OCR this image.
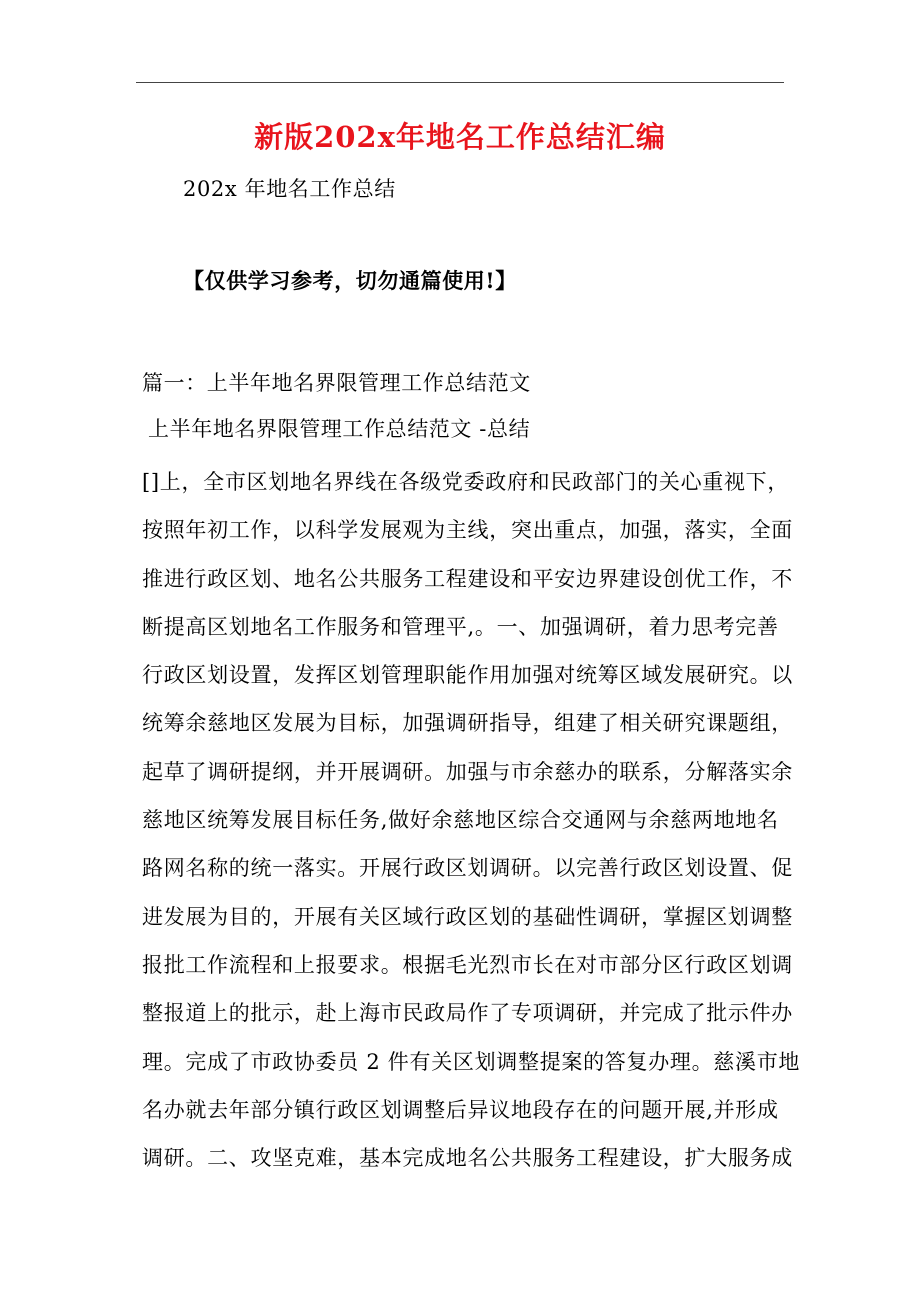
新版202x年地名工作总结汇编
202x 年地名工作总结
【仅供学习参考，切勿通篇使用!】
篇一：上半年地名界限管理工作总结范文
上半年地名界限管理工作总结范文 -总结
[]上，全市区划地名界线在各级党委政府和民政部门的关心重视下，
按照年初工作，以科学发展观为主线，突出重点，加强，落实，全面
推进行政区划、地名公共服务工程建设和平安边界建设创优工作，不
断提高区划地名工作服务和管理平,。一、加强调研，着力思考完善
行政区划设置，发挥区划管理职能作用加强对统筹区域发展研究。以
统筹余慈地区发展为目标，加强调研指导，组建了相关研究课题组，
起草了调研提纲，并开展调研。加强与市余慈办的联系，分解落实余
慈地区统筹发展目标任务,做好余慈地区综合交通网与余慈两地地名
路网名称的统一落实。开展行政区划调研。以完善行政区划设置、促
进发展为目的，开展有关区域行政区划的基础性调研，掌握区划调整
报批工作流程和上报要求。根据毛光烈市长在对市部分区行政区划调
整报道上的批示，赴上海市民政局作了专项调研，并完成了批示件办
理。完成了市政协委员 2 件有关区划调整提案的答复办理。慈溪市地
名办就去年部分镇行政区划调整后异议地段存在的问题开展,并形成
调研。二、攻坚克难，基本完成地名公共服务工程建设，扩大服务成
